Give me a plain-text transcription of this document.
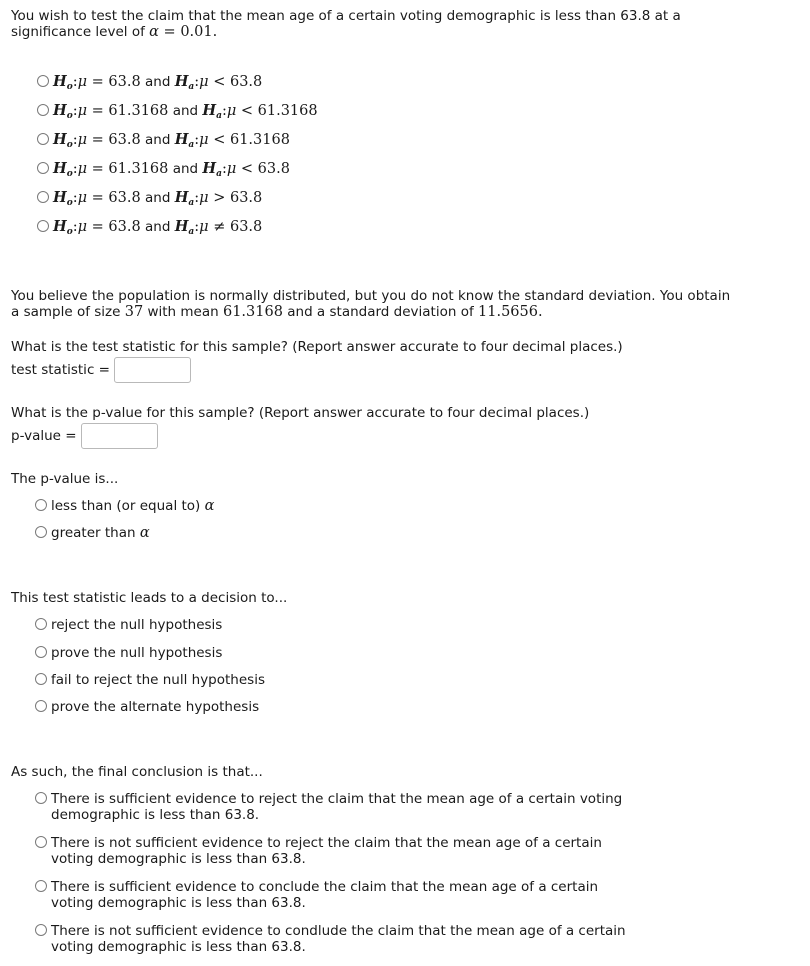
You wish to test the claim that the mean age of a certain voting demographic is less than 63.8 at a
significance level of α = 0.01.

$H_o:\mu = 63.8$ and $H_a:\mu < 63.8$
$H_o:\mu = 61.3168$ and $H_a:\mu < 61.3168$
$H_o:\mu = 63.8$ and $H_a:\mu < 61.3168$
$H_o:\mu = 61.3168$ and $H_a:\mu < 63.8$
$H_o:\mu = 63.8$ and $H_a:\mu > 63.8$
$H_o:\mu = 63.8$ and $H_a:\mu \ne 63.8$
You believe the population is normally distributed, but you do not know the standard deviation. You obtain
a sample of size 37 with mean 61.3168 and a standard deviation of 11.5656.
What is the test statistic for this sample? (Report answer accurate to four decimal places.)
test statistic =
What is the p-value for this sample? (Report answer accurate to four decimal places.)
p-value =
The p-value is...
less than (or equal to) α
greater than α
This test statistic leads to a decision to...
reject the null hypothesis
prove the null hypothesis
fail to reject the null hypothesis
prove the alternate hypothesis
As such, the final conclusion is that...
There is sufficient evidence to reject the claim that the mean age of a certain voting demographic is less than 63.8.
There is not sufficient evidence to reject the claim that the mean age of a certain voting demographic is less than 63.8.
There is sufficient evidence to conclude the claim that the mean age of a certain voting demographic is less than 63.8.
There is not sufficient evidence to condlude the claim that the mean age of a certain voting demographic is less than 63.8.
